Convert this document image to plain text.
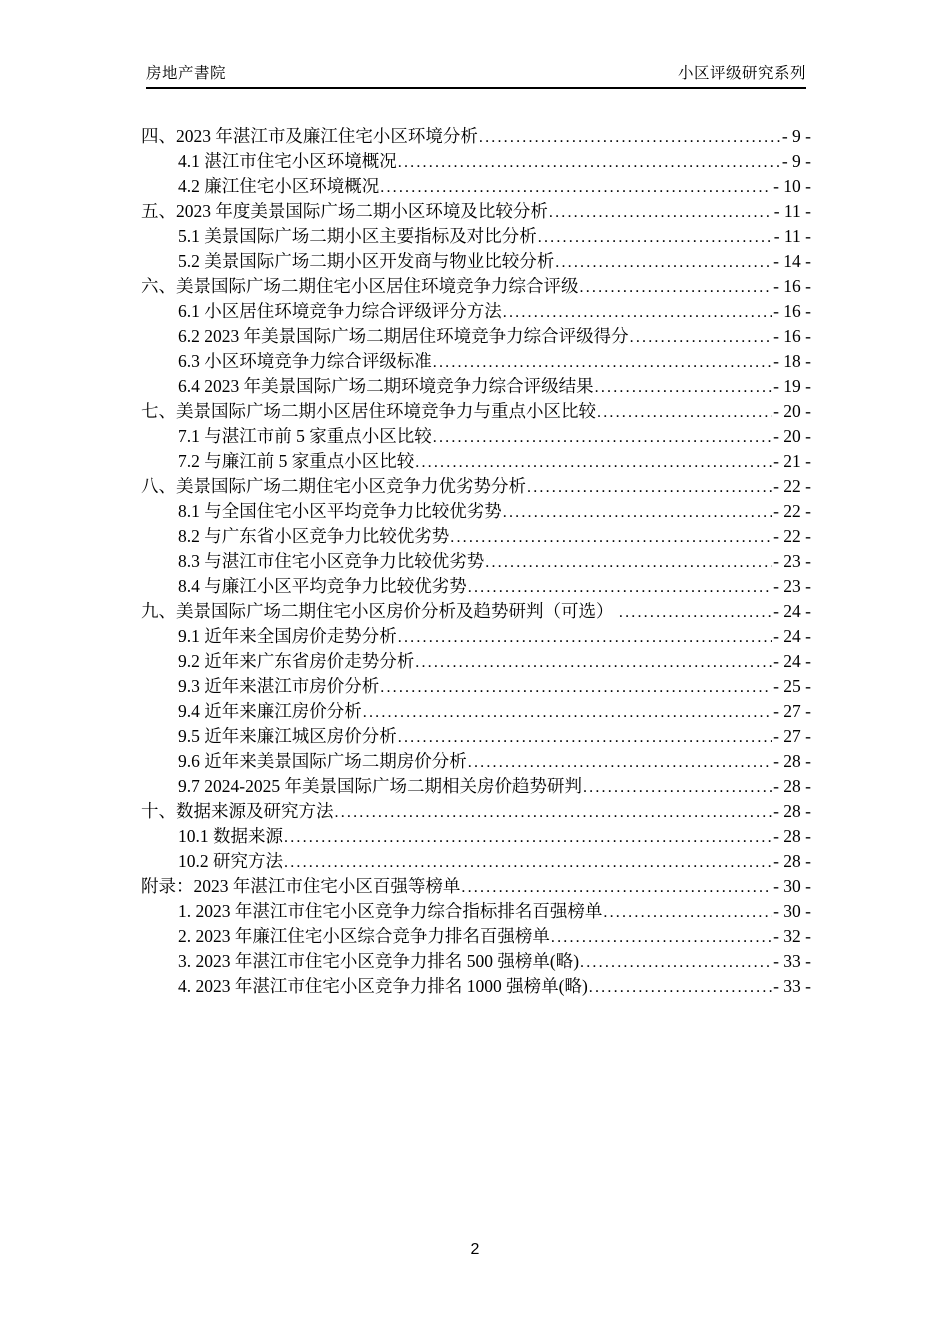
房地产書院	小区评级研究系列
四、2023 年湛江市及廉江住宅小区环境分析 .....	- 9 -
4.1 湛江市住宅小区环境概况 .....	- 9 -
4.2 廉江住宅小区环境概况 .....	- 10 -
五、2023 年度美景国际广场二期小区环境及比较分析 .....	- 11 -
5.1 美景国际广场二期小区主要指标及对比分析 .....	- 11 -
5.2 美景国际广场二期小区开发商与物业比较分析 .....	- 14 -
六、美景国际广场二期住宅小区居住环境竞争力综合评级 .....	- 16 -
6.1 小区居住环境竞争力综合评级评分方法 .....	- 16 -
6.2 2023 年美景国际广场二期居住环境竞争力综合评级得分 .....	- 16 -
6.3 小区环境竞争力综合评级标准 .....	- 18 -
6.4 2023 年美景国际广场二期环境竞争力综合评级结果 .....	- 19 -
七、美景国际广场二期小区居住环境竞争力与重点小区比较 .....	- 20 -
7.1 与湛江市前 5 家重点小区比较 .....	- 20 -
7.2 与廉江前 5 家重点小区比较 .....	- 21 -
八、美景国际广场二期住宅小区竞争力优劣势分析 .....	- 22 -
8.1 与全国住宅小区平均竞争力比较优劣势 .....	- 22 -
8.2 与广东省小区竞争力比较优劣势 .....	- 22 -
8.3 与湛江市住宅小区竞争力比较优劣势 .....	- 23 -
8.4 与廉江小区平均竞争力比较优劣势 .....	- 23 -
九、美景国际广场二期住宅小区房价分析及趋势研判（可选） .....	- 24 -
9.1 近年来全国房价走势分析 .....	- 24 -
9.2 近年来广东省房价走势分析 .....	- 24 -
9.3 近年来湛江市房价分析 .....	- 25 -
9.4 近年来廉江房价分析 .....	- 27 -
9.5 近年来廉江城区房价分析 .....	- 27 -
9.6 近年来美景国际广场二期房价分析 .....	- 28 -
9.7 2024-2025 年美景国际广场二期相关房价趋势研判 .....	- 28 -
十、数据来源及研究方法 .....	- 28 -
10.1 数据来源 .....	- 28 -
10.2 研究方法 .....	- 28 -
附录：2023 年湛江市住宅小区百强等榜单 .....	- 30 -
1. 2023 年湛江市住宅小区竞争力综合指标排名百强榜单 .....	- 30 -
2. 2023 年廉江住宅小区综合竞争力排名百强榜单 .....	- 32 -
3. 2023 年湛江市住宅小区竞争力排名 500 强榜单(略) .....	- 33 -
4. 2023 年湛江市住宅小区竞争力排名 1000 强榜单(略) .....	- 33 -
2
